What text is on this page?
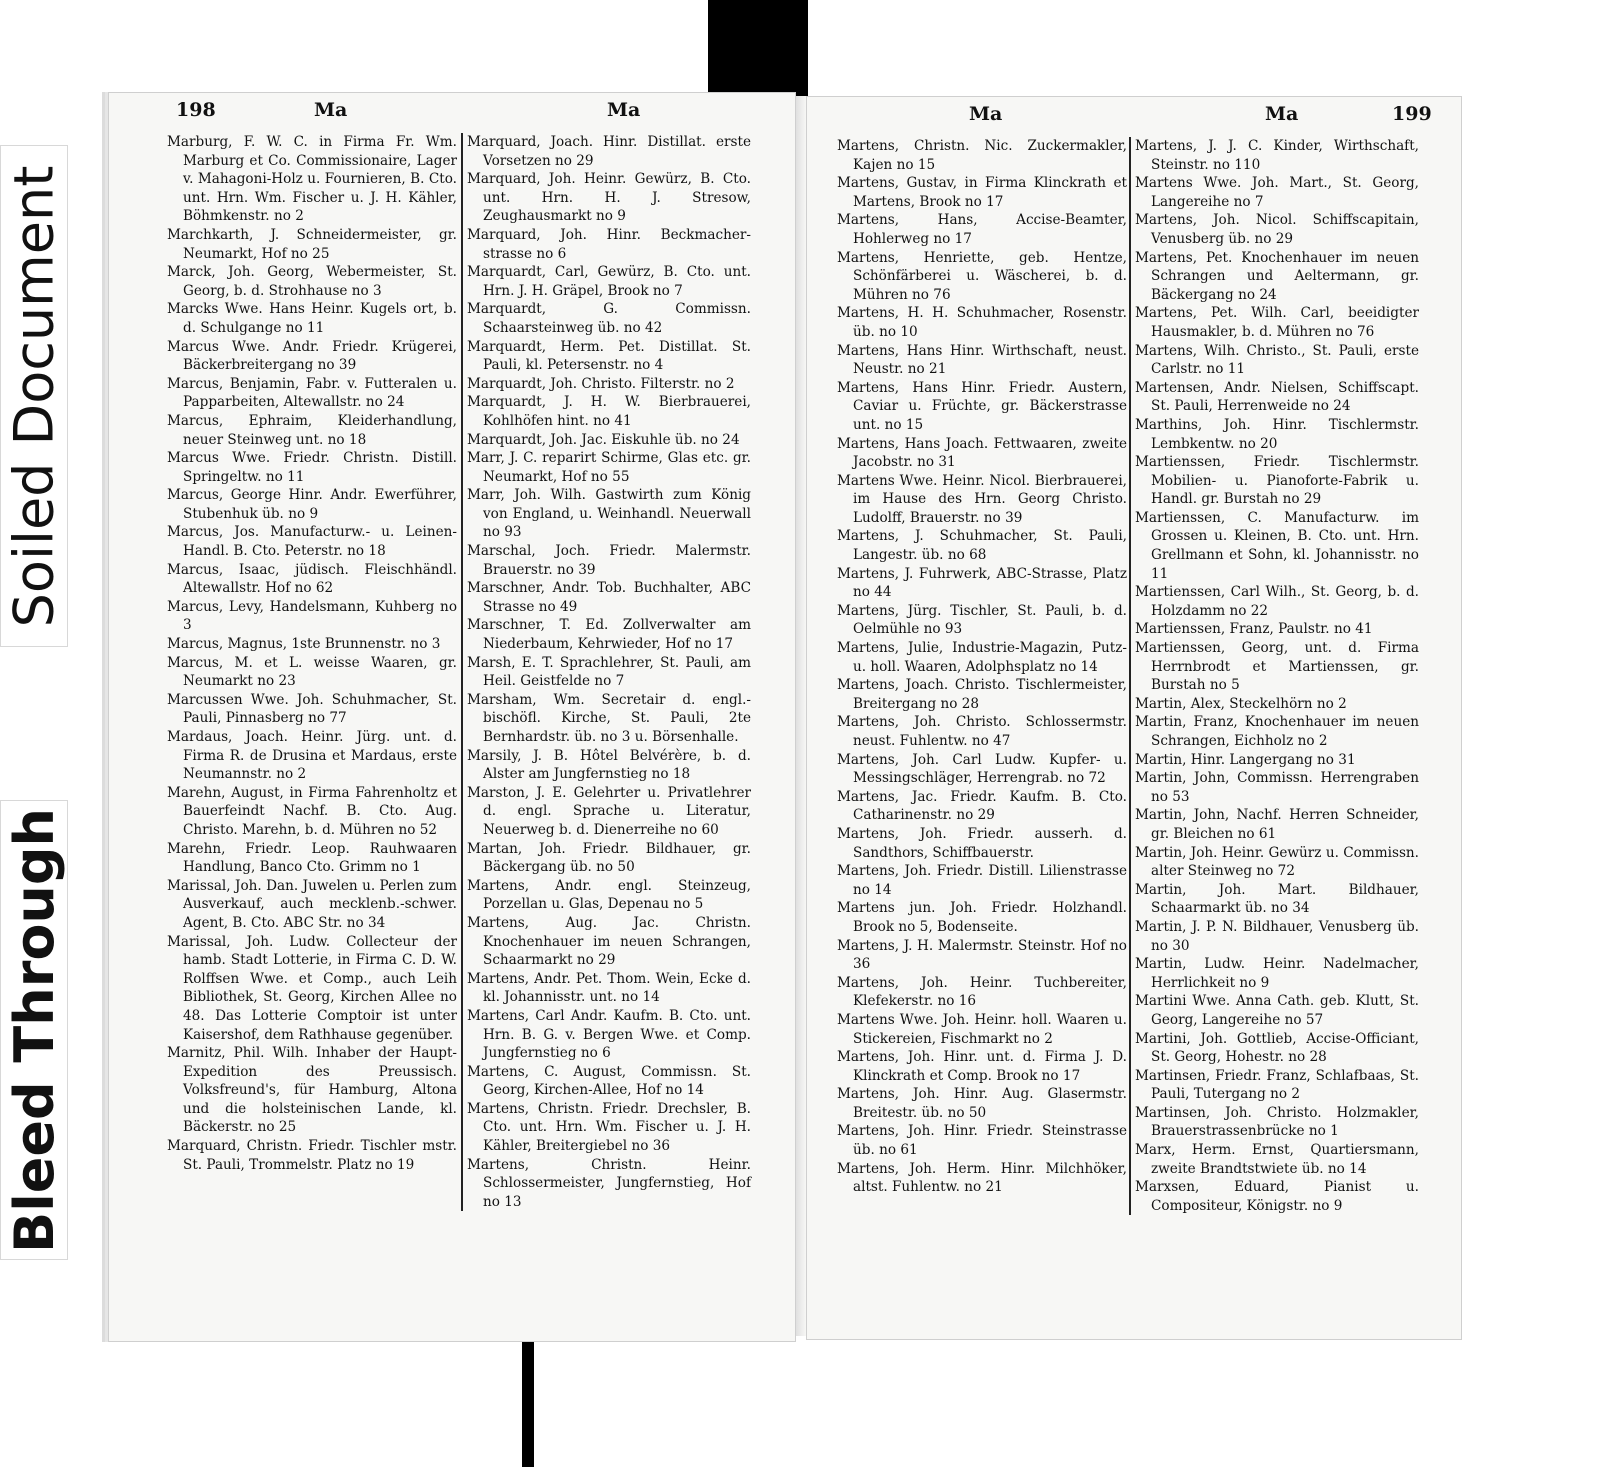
Soiled Document
Bleed Through
198	Ma	Ma
Marburg, F. W. C. in Firma Fr. Wm. Marburg et Co. Commissionaire, Lager v. Mahagoni-Holz u. Fournieren, B. Cto. unt. Hrn. Wm. Fischer u. J. H. Kähler, Böhmkenstr. no 2
Marchkarth, J. Schneidermeister, gr. Neumarkt, Hof no 25
Marck, Joh. Georg, Webermeister, St. Georg, b. d. Strohhause no 3
Marcks Wwe. Hans Heinr. Kugels ort, b. d. Schulgange no 11
Marcus Wwe. Andr. Friedr. Krügerei, Bäckerbreitergang no 39
Marcus, Benjamin, Fabr. v. Futteralen u. Papparbeiten, Altewallstr. no 24
Marcus, Ephraim, Kleiderhandlung, neuer Steinweg unt. no 18
Marcus Wwe. Friedr. Christn. Distill. Springeltw. no 11
Marcus, George Hinr. Andr. Ewerführer, Stubenhuk üb. no 9
Marcus, Jos. Manufacturw.- u. Leinen-Handl. B. Cto. Peterstr. no 18
Marcus, Isaac, jüdisch. Fleischhändl. Altewallstr. Hof no 62
Marcus, Levy, Handelsmann, Kuhberg no 3
Marcus, Magnus, 1ste Brunnenstr. no 3
Marcus, M. et L. weisse Waaren, gr. Neumarkt no 23
Marcussen Wwe. Joh. Schuhmacher, St. Pauli, Pinnasberg no 77
Mardaus, Joach. Heinr. Jürg. unt. d. Firma R. de Drusina et Mardaus, erste Neumannstr. no 2
Marehn, August, in Firma Fahrenholtz et Bauerfeindt Nachf. B. Cto. Aug. Christo. Marehn, b. d. Mühren no 52
Marehn, Friedr. Leop. Rauhwaaren Handlung, Banco Cto. Grimm no 1
Marissal, Joh. Dan. Juwelen u. Perlen zum Ausverkauf, auch mecklenb.-schwer. Agent, B. Cto. ABC Str. no 34
Marissal, Joh. Ludw. Collecteur der hamb. Stadt Lotterie, in Firma C. D. W. Rolffsen Wwe. et Comp., auch Leih Bibliothek, St. Georg, Kirchen Allee no 48. Das Lotterie Comptoir ist unter Kaisershof, dem Rathhause gegenüber.
Marnitz, Phil. Wilh. Inhaber der Haupt-Expedition des Preussisch. Volksfreund's, für Hamburg, Altona und die holsteinischen Lande, kl. Bäckerstr. no 25
Marquard, Christn. Friedr. Tischler mstr. St. Pauli, Trommelstr. Platz no 19
Marquard, Joach. Hinr. Distillat. erste Vorsetzen no 29
Marquard, Joh. Heinr. Gewürz, B. Cto. unt. Hrn. H. J. Stresow, Zeughausmarkt no 9
Marquard, Joh. Hinr. Beckmacher-strasse no 6
Marquardt, Carl, Gewürz, B. Cto. unt. Hrn. J. H. Gräpel, Brook no 7
Marquardt, G. Commissn. Schaarsteinweg üb. no 42
Marquardt, Herm. Pet. Distillat. St. Pauli, kl. Petersenstr. no 4
Marquardt, Joh. Christo. Filterstr. no 2
Marquardt, J. H. W. Bierbrauerei, Kohlhöfen hint. no 41
Marquardt, Joh. Jac. Eiskuhle üb. no 24
Marr, J. C. reparirt Schirme, Glas etc. gr. Neumarkt, Hof no 55
Marr, Joh. Wilh. Gastwirth zum König von England, u. Weinhandl. Neuerwall no 93
Marschal, Joch. Friedr. Malermstr. Brauerstr. no 39
Marschner, Andr. Tob. Buchhalter, ABC Strasse no 49
Marschner, T. Ed. Zollverwalter am Niederbaum, Kehrwieder, Hof no 17
Marsh, E. T. Sprachlehrer, St. Pauli, am Heil. Geistfelde no 7
Marsham, Wm. Secretair d. engl.-bischöfl. Kirche, St. Pauli, 2te Bernhardstr. üb. no 3 u. Börsenhalle.
Marsily, J. B. Hôtel Belvérère, b. d. Alster am Jungfernstieg no 18
Marston, J. E. Gelehrter u. Privatlehrer d. engl. Sprache u. Literatur, Neuerweg b. d. Dienerreihe no 60
Martan, Joh. Friedr. Bildhauer, gr. Bäckergang üb. no 50
Martens, Andr. engl. Steinzeug, Porzellan u. Glas, Depenau no 5
Martens, Aug. Jac. Christn. Knochenhauer im neuen Schrangen, Schaarmarkt no 29
Martens, Andr. Pet. Thom. Wein, Ecke d. kl. Johannisstr. unt. no 14
Martens, Carl Andr. Kaufm. B. Cto. unt. Hrn. B. G. v. Bergen Wwe. et Comp. Jungfernstieg no 6
Martens, C. August, Commissn. St. Georg, Kirchen-Allee, Hof no 14
Martens, Christn. Friedr. Drechsler, B. Cto. unt. Hrn. Wm. Fischer u. J. H. Kähler, Breitergiebel no 36
Martens, Christn. Heinr. Schlossermeister, Jungfernstieg, Hof no 13
Ma	Ma	199
Martens, Christn. Nic. Zuckermakler, Kajen no 15
Martens, Gustav, in Firma Klinckrath et Martens, Brook no 17
Martens, Hans, Accise-Beamter, Hohlerweg no 17
Martens, Henriette, geb. Hentze, Schönfärberei u. Wäscherei, b. d. Mühren no 76
Martens, H. H. Schuhmacher, Rosenstr. üb. no 10
Martens, Hans Hinr. Wirthschaft, neust. Neustr. no 21
Martens, Hans Hinr. Friedr. Austern, Caviar u. Früchte, gr. Bäckerstrasse unt. no 15
Martens, Hans Joach. Fettwaaren, zweite Jacobstr. no 31
Martens Wwe. Heinr. Nicol. Bierbrauerei, im Hause des Hrn. Georg Christo. Ludolff, Brauerstr. no 39
Martens, J. Schuhmacher, St. Pauli, Langestr. üb. no 68
Martens, J. Fuhrwerk, ABC-Strasse, Platz no 44
Martens, Jürg. Tischler, St. Pauli, b. d. Oelmühle no 93
Martens, Julie, Industrie-Magazin, Putz- u. holl. Waaren, Adolphsplatz no 14
Martens, Joach. Christo. Tischlermeister, Breitergang no 28
Martens, Joh. Christo. Schlossermstr. neust. Fuhlentw. no 47
Martens, Joh. Carl Ludw. Kupfer- u. Messingschläger, Herrengrab. no 72
Martens, Jac. Friedr. Kaufm. B. Cto. Catharinenstr. no 29
Martens, Joh. Friedr. ausserh. d. Sandthors, Schiffbauerstr.
Martens, Joh. Friedr. Distill. Lilienstrasse no 14
Martens jun. Joh. Friedr. Holzhandl. Brook no 5, Bodenseite.
Martens, J. H. Malermstr. Steinstr. Hof no 36
Martens, Joh. Heinr. Tuchbereiter, Klefekerstr. no 16
Martens Wwe. Joh. Heinr. holl. Waaren u. Stickereien, Fischmarkt no 2
Martens, Joh. Hinr. unt. d. Firma J. D. Klinckrath et Comp. Brook no 17
Martens, Joh. Hinr. Aug. Glasermstr. Breitestr. üb. no 50
Martens, Joh. Hinr. Friedr. Steinstrasse üb. no 61
Martens, Joh. Herm. Hinr. Milchhöker, altst. Fuhlentw. no 21
Martens, J. J. C. Kinder, Wirthschaft, Steinstr. no 110
Martens Wwe. Joh. Mart., St. Georg, Langereihe no 7
Martens, Joh. Nicol. Schiffscapitain, Venusberg üb. no 29
Martens, Pet. Knochenhauer im neuen Schrangen und Aeltermann, gr. Bäckergang no 24
Martens, Pet. Wilh. Carl, beeidigter Hausmakler, b. d. Mühren no 76
Martens, Wilh. Christo., St. Pauli, erste Carlstr. no 11
Martensen, Andr. Nielsen, Schiffscapt. St. Pauli, Herrenweide no 24
Marthins, Joh. Hinr. Tischlermstr. Lembkentw. no 20
Martienssen, Friedr. Tischlermstr. Mobilien- u. Pianoforte-Fabrik u. Handl. gr. Burstah no 29
Martienssen, C. Manufacturw. im Grossen u. Kleinen, B. Cto. unt. Hrn. Grellmann et Sohn, kl. Johannisstr. no 11
Martienssen, Carl Wilh., St. Georg, b. d. Holzdamm no 22
Martienssen, Franz, Paulstr. no 41
Martienssen, Georg, unt. d. Firma Herrnbrodt et Martienssen, gr. Burstah no 5
Martin, Alex, Steckelhörn no 2
Martin, Franz, Knochenhauer im neuen Schrangen, Eichholz no 2
Martin, Hinr. Langergang no 31
Martin, John, Commissn. Herrengraben no 53
Martin, John, Nachf. Herren Schneider, gr. Bleichen no 61
Martin, Joh. Heinr. Gewürz u. Commissn. alter Steinweg no 72
Martin, Joh. Mart. Bildhauer, Schaarmarkt üb. no 34
Martin, J. P. N. Bildhauer, Venusberg üb. no 30
Martin, Ludw. Heinr. Nadelmacher, Herrlichkeit no 9
Martini Wwe. Anna Cath. geb. Klutt, St. Georg, Langereihe no 57
Martini, Joh. Gottlieb, Accise-Officiant, St. Georg, Hohestr. no 28
Martinsen, Friedr. Franz, Schlafbaas, St. Pauli, Tutergang no 2
Martinsen, Joh. Christo. Holzmakler, Brauerstrassenbrücke no 1
Marx, Herm. Ernst, Quartiersmann, zweite Brandtstwiete üb. no 14
Marxsen, Eduard, Pianist u. Compositeur, Königstr. no 9
